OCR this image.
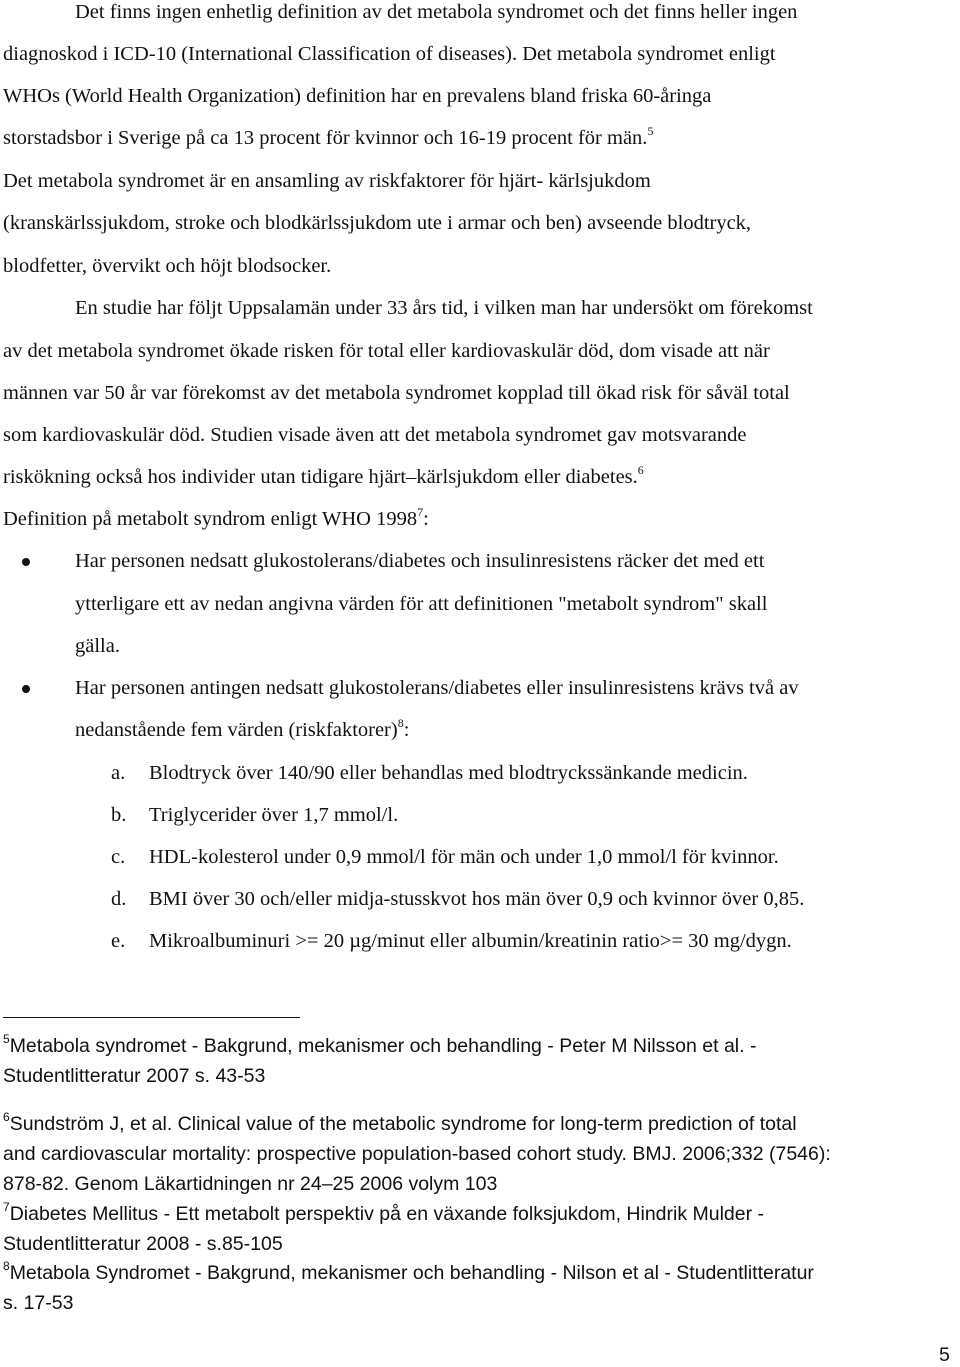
Det finns ingen enhetlig definition av det metabola syndromet och det finns heller ingen
diagnoskod i ICD-10 (International Classification of diseases). Det metabola syndromet enligt
WHOs (World Health Organization) definition har en prevalens bland friska 60-åringa
storstadsbor i Sverige på ca 13 procent för kvinnor och 16-19 procent för män.$^5$
Det metabola syndromet är en ansamling av riskfaktorer för hjärt- kärlsjukdom
(kranskärlssjukdom, stroke och blodkärlssjukdom ute i armar och ben) avseende blodtryck,
blodfetter, övervikt och höjt blodsocker.
En studie har följt Uppsalamän under 33 års tid, i vilken man har undersökt om förekomst
av det metabola syndromet ökade risken för total eller kardiovaskulär död, dom visade att när
männen var 50 år var förekomst av det metabola syndromet kopplad till ökad risk för såväl total
som kardiovaskulär död. Studien visade även att det metabola syndromet gav motsvarande
riskökning också hos individer utan tidigare hjärt–kärlsjukdom eller diabetes.$^6$
Definition på metabolt syndrom enligt WHO 1998$^7$:
Har personen nedsatt glukostolerans/diabetes och insulinresistens räcker det med ett
ytterligare ett av nedan angivna värden för att definitionen "metabolt syndrom" skall
gälla.
Har personen antingen nedsatt glukostolerans/diabetes eller insulinresistens krävs två av
nedanstående fem värden (riskfaktorer)$^8$:
a. Blodtryck över 140/90 eller behandlas med blodtryckssänkande medicin.
b. Triglycerider över 1,7 mmol/l.
c. HDL-kolesterol under 0,9 mmol/l för män och under 1,0 mmol/l för kvinnor.
d. BMI över 30 och/eller midja-stusskvot hos män över 0,9 och kvinnor över 0,85.
e. Mikroalbuminuri >= 20 µg/minut eller albumin/kreatinin ratio>= 30 mg/dygn.
$^5$Metabola syndromet - Bakgrund, mekanismer och behandling - Peter M Nilsson et al. -
Studentlitteratur 2007 s. 43-53
$^6$Sundström J, et al. Clinical value of the metabolic syndrome for long-term prediction of total
and cardiovascular mortality: prospective population-based cohort study. BMJ. 2006;332 (7546):
878-82. Genom Läkartidningen nr 24–25 2006 volym 103
$^7$Diabetes Mellitus - Ett metabolt perspektiv på en växande folksjukdom, Hindrik Mulder -
Studentlitteratur 2008 - s.85-105
$^8$Metabola Syndromet - Bakgrund, mekanismer och behandling - Nilson et al - Studentlitteratur
s. 17-53
5
